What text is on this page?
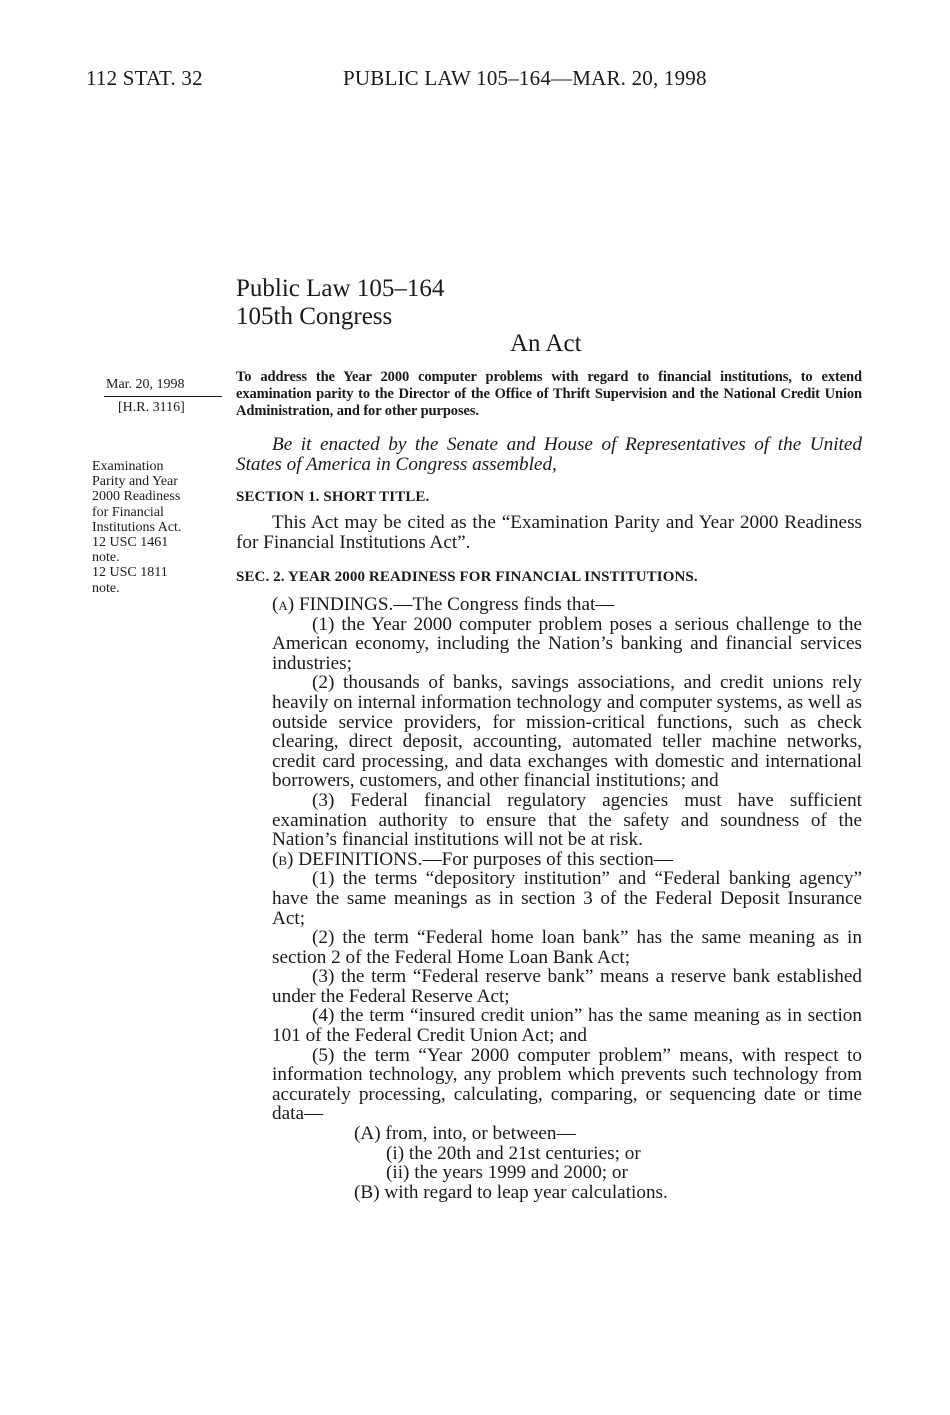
112 STAT. 32	PUBLIC LAW 105–164—MAR. 20, 1998
Public Law 105–164
105th Congress
An Act
Mar. 20, 1998
[H.R. 3116]
Examination
Parity and Year
2000 Readiness
for Financial
Institutions Act.
12 USC 1461
note.
12 USC 1811
note.
To address the Year 2000 computer problems with regard to financial institutions, to extend examination parity to the Director of the Office of Thrift Supervision and the National Credit Union Administration, and for other purposes.
Be it enacted by the Senate and House of Representatives of the United States of America in Congress assembled,
SECTION 1. SHORT TITLE.
This Act may be cited as the “Examination Parity and Year 2000 Readiness for Financial Institutions Act”.
SEC. 2. YEAR 2000 READINESS FOR FINANCIAL INSTITUTIONS.
(a) FINDINGS.—The Congress finds that—
(1) the Year 2000 computer problem poses a serious challenge to the American economy, including the Nation’s banking and financial services industries;
(2) thousands of banks, savings associations, and credit unions rely heavily on internal information technology and computer systems, as well as outside service providers, for mission-critical functions, such as check clearing, direct deposit, accounting, automated teller machine networks, credit card processing, and data exchanges with domestic and international borrowers, customers, and other financial institutions; and
(3) Federal financial regulatory agencies must have sufficient examination authority to ensure that the safety and soundness of the Nation’s financial institutions will not be at risk.
(b) DEFINITIONS.—For purposes of this section—
(1) the terms “depository institution” and “Federal banking agency” have the same meanings as in section 3 of the Federal Deposit Insurance Act;
(2) the term “Federal home loan bank” has the same meaning as in section 2 of the Federal Home Loan Bank Act;
(3) the term “Federal reserve bank” means a reserve bank established under the Federal Reserve Act;
(4) the term “insured credit union” has the same meaning as in section 101 of the Federal Credit Union Act; and
(5) the term “Year 2000 computer problem” means, with respect to information technology, any problem which prevents such technology from accurately processing, calculating, comparing, or sequencing date or time data—
(A) from, into, or between—
(i) the 20th and 21st centuries; or
(ii) the years 1999 and 2000; or
(B) with regard to leap year calculations.
